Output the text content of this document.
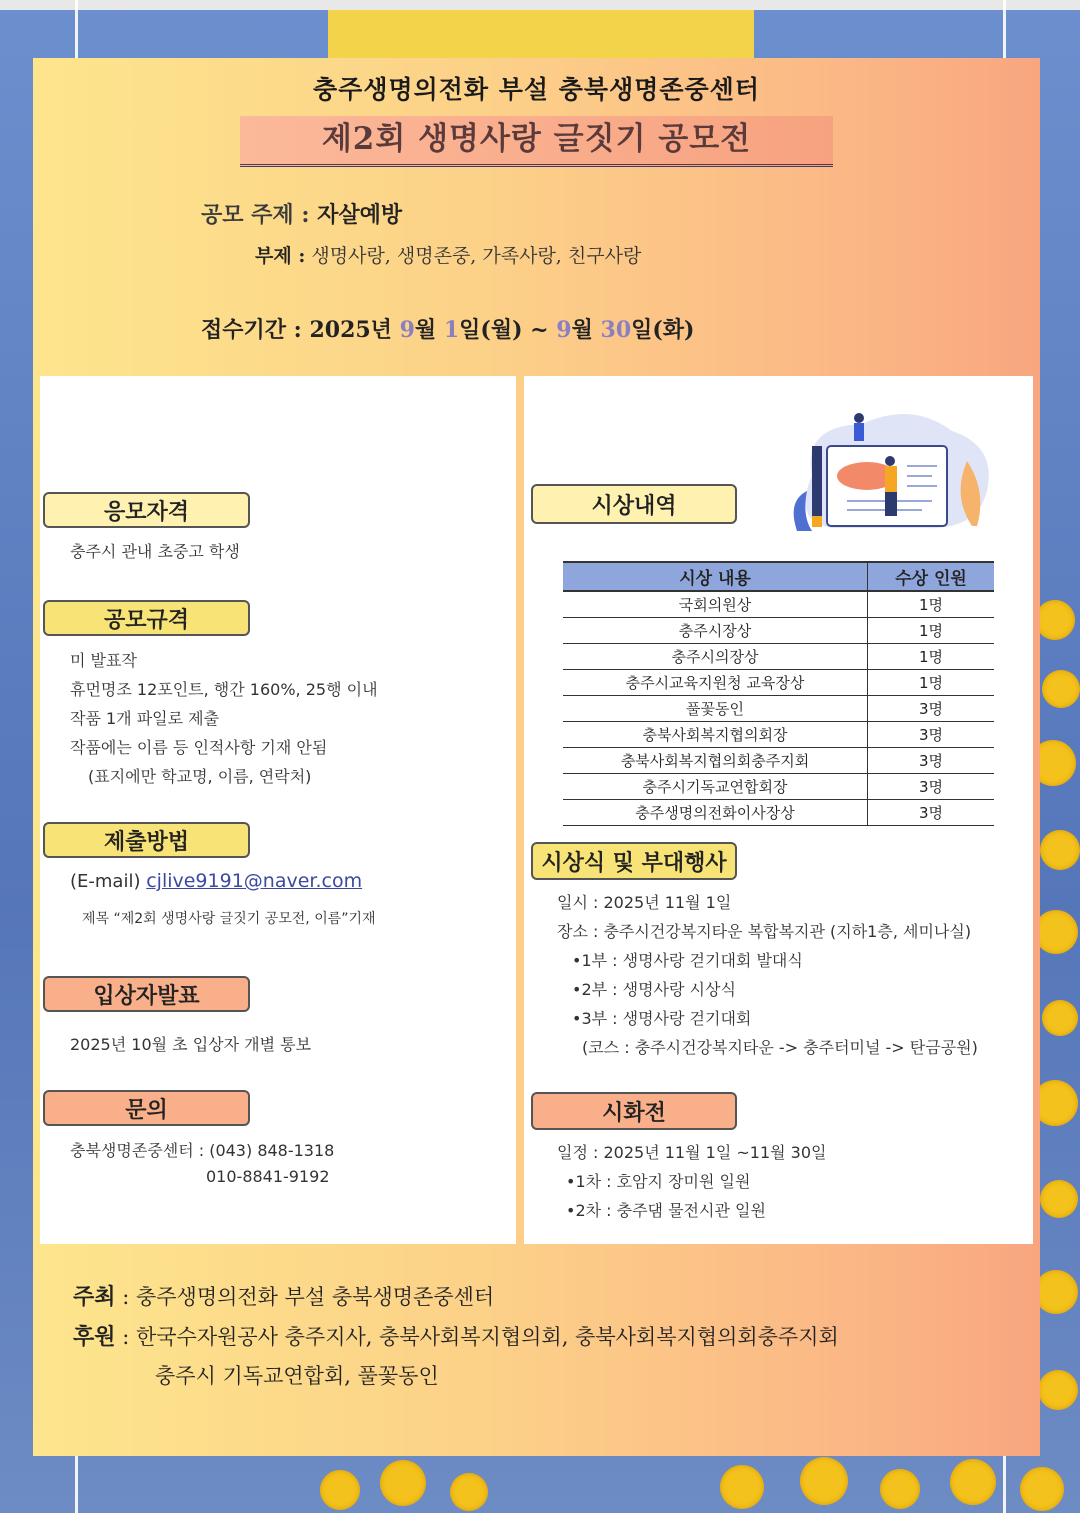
충주생명의전화 부설 충북생명존중센터
제2회 생명사랑 글짓기 공모전
공모 주제 : 자살예방
부제 : 생명사랑, 생명존중, 가족사랑, 친구사랑
접수기간 : 2025년 9월 1일(월) ~ 9월 30일(화)
응모자격
충주시 관내 초중고 학생
공모규격
미 발표작
휴먼명조 12포인트, 행간 160%, 25행 이내
작품 1개 파일로 제출
작품에는 이름 등 인적사항 기재 안됨
(표지에만 학교명, 이름, 연락처)
제출방법
(E-mail) cjlive9191@naver.com
제목 “제2회 생명사랑 글짓기 공모전, 이름”기재
입상자발표
2025년 10월 초 입상자 개별 통보
문의
충북생명존중센터 : (043) 848-1318
010-8841-9192
시상내역
시상 내용	수상 인원
국회의원상	1명
충주시장상	1명
충주시의장상	1명
충주시교육지원청 교육장상	1명
풀꽃동인	3명
충북사회복지협의회장	3명
충북사회복지협의회충주지회	3명
충주시기독교연합회장	3명
충주생명의전화이사장상	3명
시상식 및 부대행사
일시 : 2025년 11월 1일
장소 : 충주시건강복지타운 복합복지관 (지하1층, 세미나실)
•1부 : 생명사랑 걷기대회 발대식
•2부 : 생명사랑 시상식
•3부 : 생명사랑 걷기대회
(코스 : 충주시건강복지타운 -> 충주터미널 -> 탄금공원)
시화전
일정 : 2025년 11월 1일 ~11월 30일
•1차 : 호암지 장미원 일원
•2차 : 충주댐 물전시관 일원
주최 : 충주생명의전화 부설 충북생명존중센터
후원 : 한국수자원공사 충주지사, 충북사회복지협의회, 충북사회복지협의회충주지회
충주시 기독교연합회, 풀꽃동인
